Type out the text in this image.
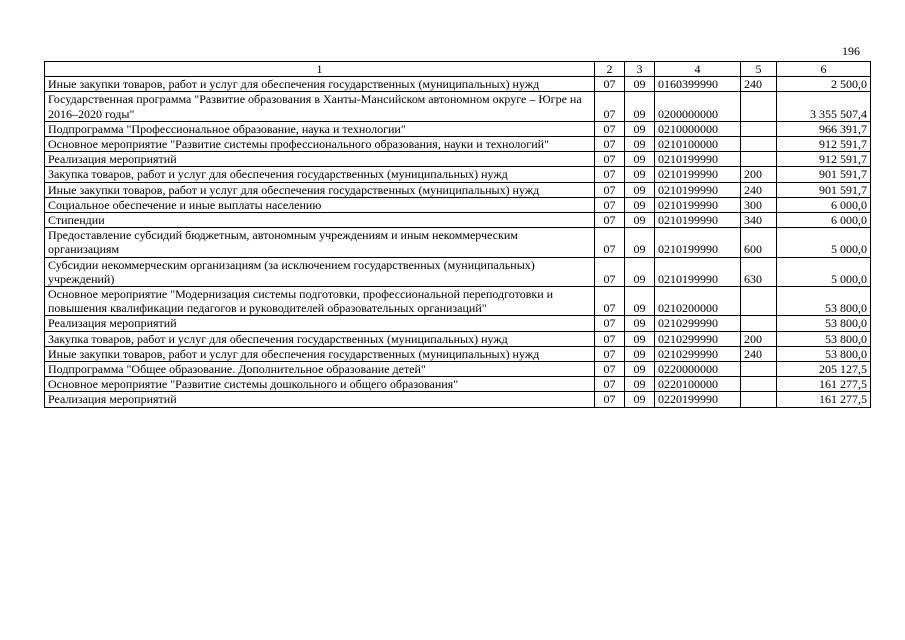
196
1	2	3	4	5	6
Иные закупки товаров, работ и услуг для обеспечения государственных (муниципальных) нужд	07	09	0160399990	240	2 500,0
Государственная программа "Развитие образования в Ханты-Мансийском автономном округе – Югре на 2016–2020 годы"	07	09	0200000000		3 355 507,4
Подпрограмма "Профессиональное образование, наука и технологии"	07	09	0210000000		966 391,7
Основное мероприятие "Развитие системы профессионального образования, науки и технологий"	07	09	0210100000		912 591,7
Реализация мероприятий	07	09	0210199990		912 591,7
Закупка товаров, работ и услуг для обеспечения государственных (муниципальных) нужд	07	09	0210199990	200	901 591,7
Иные закупки товаров, работ и услуг для обеспечения государственных (муниципальных) нужд	07	09	0210199990	240	901 591,7
Социальное обеспечение и иные выплаты населению	07	09	0210199990	300	6 000,0
Стипендии	07	09	0210199990	340	6 000,0
Предоставление субсидий бюджетным, автономным учреждениям и иным некоммерческим организациям	07	09	0210199990	600	5 000,0
Субсидии некоммерческим организациям (за исключением государственных (муниципальных) учреждений)	07	09	0210199990	630	5 000,0
Основное мероприятие "Модернизация системы подготовки, профессиональной переподготовки и повышения квалификации педагогов и руководителей образовательных организаций"	07	09	0210200000		53 800,0
Реализация мероприятий	07	09	0210299990		53 800,0
Закупка товаров, работ и услуг для обеспечения государственных (муниципальных) нужд	07	09	0210299990	200	53 800,0
Иные закупки товаров, работ и услуг для обеспечения государственных (муниципальных) нужд	07	09	0210299990	240	53 800,0
Подпрограмма "Общее образование. Дополнительное образование детей"	07	09	0220000000		205 127,5
Основное мероприятие "Развитие системы дошкольного и общего образования"	07	09	0220100000		161 277,5
Реализация мероприятий	07	09	0220199990		161 277,5
